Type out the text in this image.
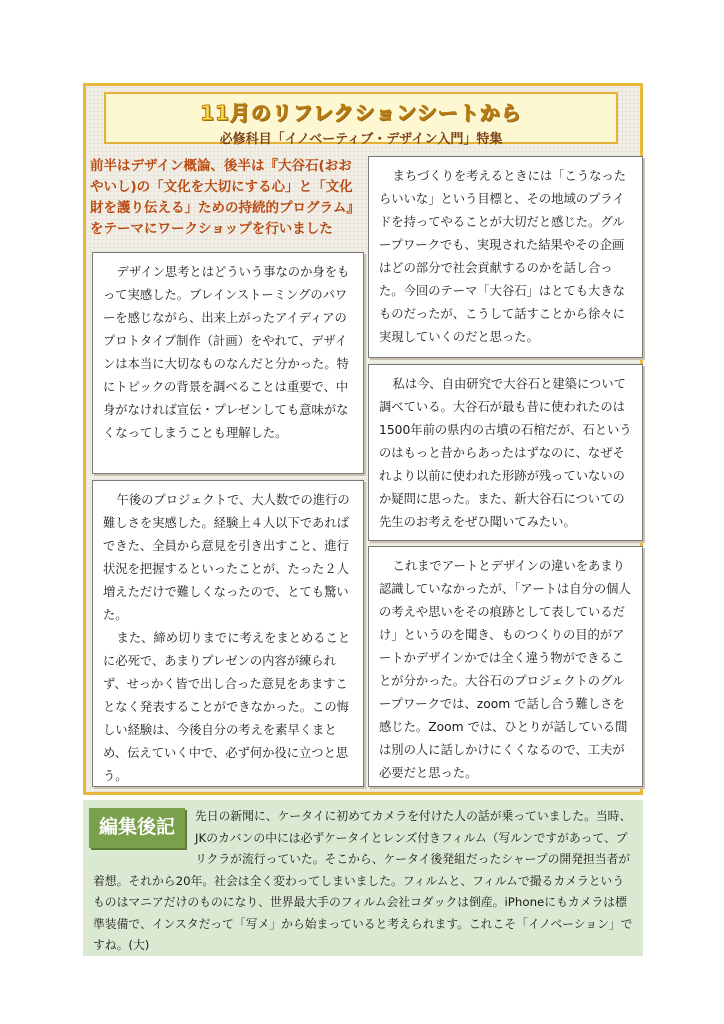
11月のリフレクションシートから
必修科目「イノベーティブ・デザイン入門」特集
前半はデザイン概論、後半は『大谷石(おおやいし)の「文化を大切にする心」と「文化財を護り伝える」ための持続的プログラム』をテーマにワークショップを行いました

デザイン思考とはどういう事なのか身をもって実感した。ブレインストーミングのパワーを感じながら、出来上がったアイディアのプロトタイプ制作（計画）をやれて、デザインは本当に大切なものなんだと分かった。特にトピックの背景を調べることは重要で、中身がなければ宣伝・プレゼンしても意味がなくなってしまうことも理解した。

午後のプロジェクトで、大人数での進行の難しさを実感した。経験上４人以下であればできた、全員から意見を引き出すこと、進行状況を把握するといったことが、たった２人増えただけで難しくなったので、とても驚いた。

また、締め切りまでに考えをまとめることに必死で、あまりプレゼンの内容が練られず、せっかく皆で出し合った意見をあますことなく発表することができなかった。この悔しい経験は、今後自分の考えを素早くまとめ、伝えていく中で、必ず何か役に立つと思う。

まちづくりを考えるときには「こうなったらいいな」という目標と、その地域のプライドを持ってやることが大切だと感じた。グループワークでも、実現された結果やその企画はどの部分で社会貢献するのかを話し合った。今回のテーマ「大谷石」はとても大きなものだったが、こうして話すことから徐々に実現していくのだと思った。

私は今、自由研究で大谷石と建築について調べている。大谷石が最も昔に使われたのは1500年前の県内の古墳の石棺だが、石というのはもっと昔からあったはずなのに、なぜそれより以前に使われた形跡が残っていないのか疑問に思った。また、新大谷石についての先生のお考えをぜひ聞いてみたい。

これまでアートとデザインの違いをあまり認識していなかったが、「アートは自分の個人の考えや思いをその痕跡として表しているだけ」というのを聞き、ものつくりの目的がアートかデザインかでは全く違う物ができることが分かった。大谷石のプロジェクトのグループワークでは、zoom で話し合う難しさを感じた。Zoom では、ひとりが話している間は別の人に話しかけにくくなるので、工夫が必要だと思った。

編集後記
先日の新聞に、ケータイに初めてカメラを付けた人の話が乗っていました。当時、JKのカバンの中には必ずケータイとレンズ付きフィルム（写ルンですがあって、プリクラが流行っていた。そこから、ケータイ後発組だったシャープの開発担当者が着想。それから20年。社会は全く変わってしまいました。フィルムと、フィルムで撮るカメラというものはマニアだけのものになり、世界最大手のフィルム会社コダックは倒産。iPhoneにもカメラは標準装備で、インスタだって「写メ」から始まっていると考えられます。これこそ「イノベーション」ですね。(大)
